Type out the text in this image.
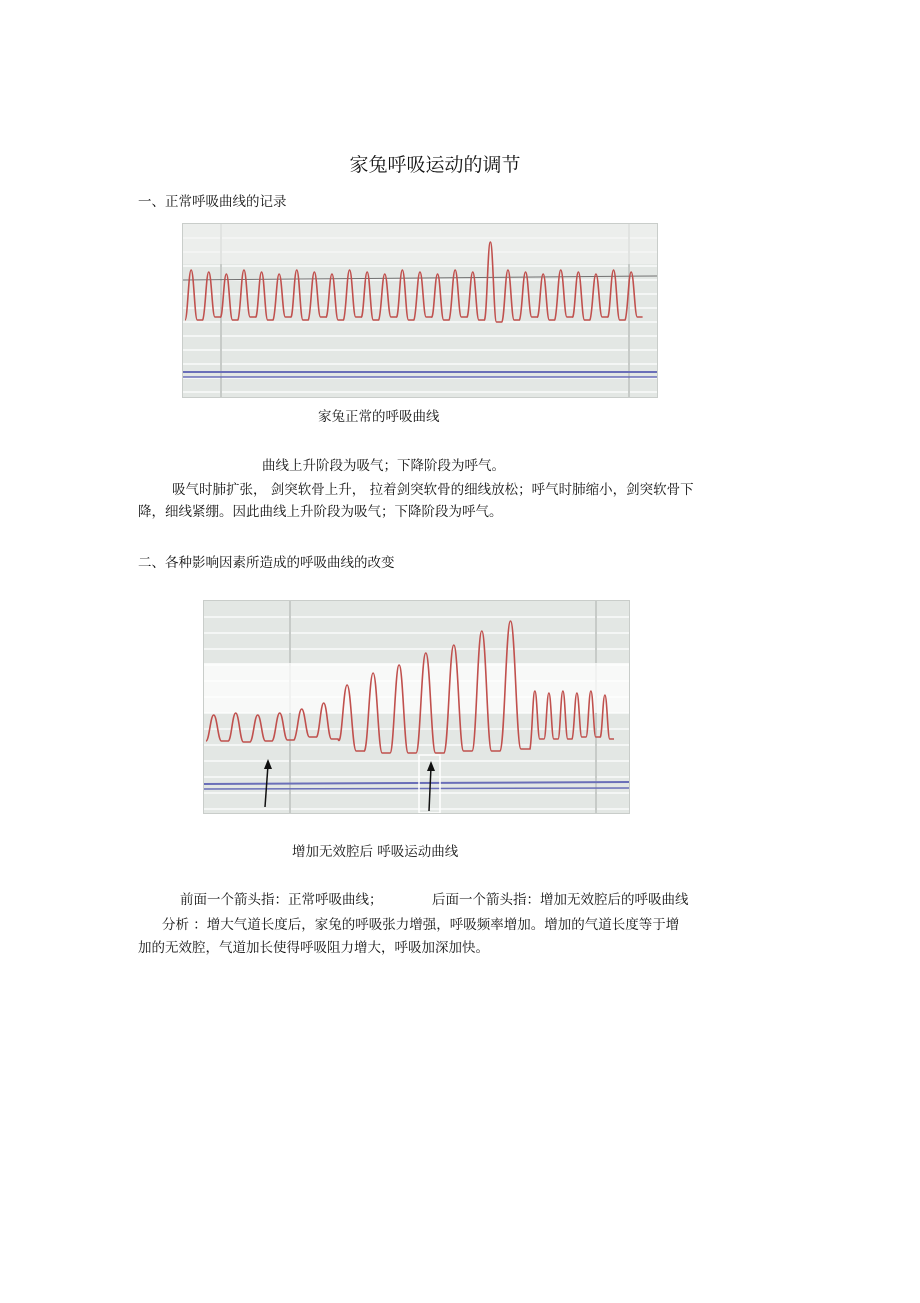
家兔呼吸运动的调节
一、正常呼吸曲线的记录
家兔正常的呼吸曲线
曲线上升阶段为吸气；下降阶段为呼气。
吸气时肺扩张， 剑突软骨上升， 拉着剑突软骨的细线放松；呼气时肺缩小，剑突软骨下
降，细线紧绷。因此曲线上升阶段为吸气；下降阶段为呼气。
二、各种影响因素所造成的呼吸曲线的改变
增加无效腔后 呼吸运动曲线
前面一个箭头指：正常呼吸曲线；	后面一个箭头指：增加无效腔后的呼吸曲线
分析 ：增大气道长度后，家兔的呼吸张力增强，呼吸频率增加。增加的气道长度等于增
加的无效腔，气道加长使得呼吸阻力增大，呼吸加深加快。
